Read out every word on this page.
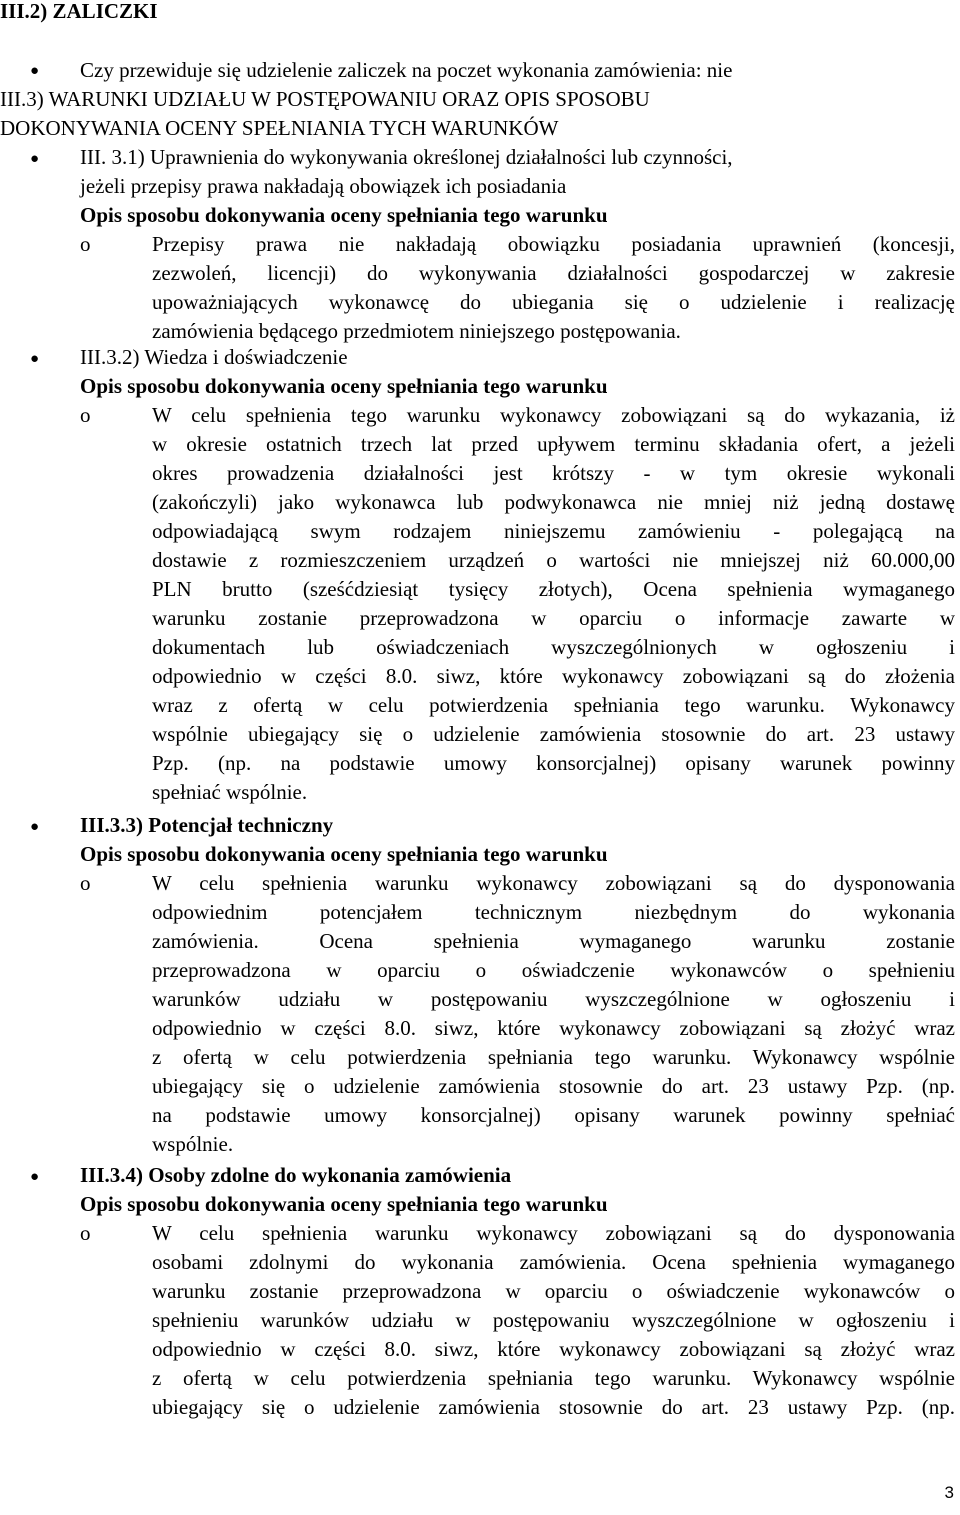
III.2) ZALICZKI
● Czy przewiduje się udzielenie zaliczek na poczet wykonania zamówienia: nie
III.3) WARUNKI UDZIAŁU W POSTĘPOWANIU ORAZ OPIS SPOSOBU
DOKONYWANIA OCENY SPEŁNIANIA TYCH WARUNKÓW
● III. 3.1) Uprawnienia do wykonywania określonej działalności lub czynności,
jeżeli przepisy prawa nakładają obowiązek ich posiadania
Opis sposobu dokonywania oceny spełniania tego warunku
o	Przepisy prawa nie nakładają obowiązku posiadania uprawnień (koncesji,
zezwoleń, licencji) do wykonywania działalności gospodarczej w zakresie
upoważniających wykonawcę do ubiegania się o udzielenie i realizację
zamówienia będącego przedmiotem niniejszego postępowania.
● III.3.2) Wiedza i doświadczenie
Opis sposobu dokonywania oceny spełniania tego warunku
o	W celu spełnienia tego warunku wykonawcy zobowiązani są do wykazania, iż
w okresie ostatnich trzech lat przed upływem terminu składania ofert, a jeżeli
okres prowadzenia działalności jest krótszy - w tym okresie wykonali
(zakończyli) jako wykonawca lub podwykonawca nie mniej niż jedną dostawę
odpowiadającą swym rodzajem niniejszemu zamówieniu - polegającą na
dostawie z rozmieszczeniem urządzeń o wartości nie mniejszej niż 60.000,00
PLN brutto (sześćdziesiąt tysięcy złotych), Ocena spełnienia wymaganego
warunku zostanie przeprowadzona w oparciu o informacje zawarte w
dokumentach lub oświadczeniach wyszczególnionych w ogłoszeniu i
odpowiednio w części 8.0. siwz, które wykonawcy zobowiązani są do złożenia
wraz z ofertą w celu potwierdzenia spełniania tego warunku. Wykonawcy
wspólnie ubiegający się o udzielenie zamówienia stosownie do art. 23 ustawy
Pzp. (np. na podstawie umowy konsorcjalnej) opisany warunek powinny
spełniać wspólnie.
● III.3.3) Potencjał techniczny
Opis sposobu dokonywania oceny spełniania tego warunku
o	W celu spełnienia warunku wykonawcy zobowiązani są do dysponowania
odpowiednim potencjałem technicznym niezbędnym do wykonania
zamówienia. Ocena spełnienia wymaganego warunku zostanie
przeprowadzona w oparciu o oświadczenie wykonawców o spełnieniu
warunków udziału w postępowaniu wyszczególnione w ogłoszeniu i
odpowiednio w części 8.0. siwz, które wykonawcy zobowiązani są złożyć wraz
z ofertą w celu potwierdzenia spełniania tego warunku. Wykonawcy wspólnie
ubiegający się o udzielenie zamówienia stosownie do art. 23 ustawy Pzp. (np.
na podstawie umowy konsorcjalnej) opisany warunek powinny spełniać
wspólnie.
● III.3.4) Osoby zdolne do wykonania zamówienia
Opis sposobu dokonywania oceny spełniania tego warunku
o	W celu spełnienia warunku wykonawcy zobowiązani są do dysponowania
osobami zdolnymi do wykonania zamówienia. Ocena spełnienia wymaganego
warunku zostanie przeprowadzona w oparciu o oświadczenie wykonawców o
spełnieniu warunków udziału w postępowaniu wyszczególnione w ogłoszeniu i
odpowiednio w części 8.0. siwz, które wykonawcy zobowiązani są złożyć wraz
z ofertą w celu potwierdzenia spełniania tego warunku. Wykonawcy wspólnie
ubiegający się o udzielenie zamówienia stosownie do art. 23 ustawy Pzp. (np.
3
